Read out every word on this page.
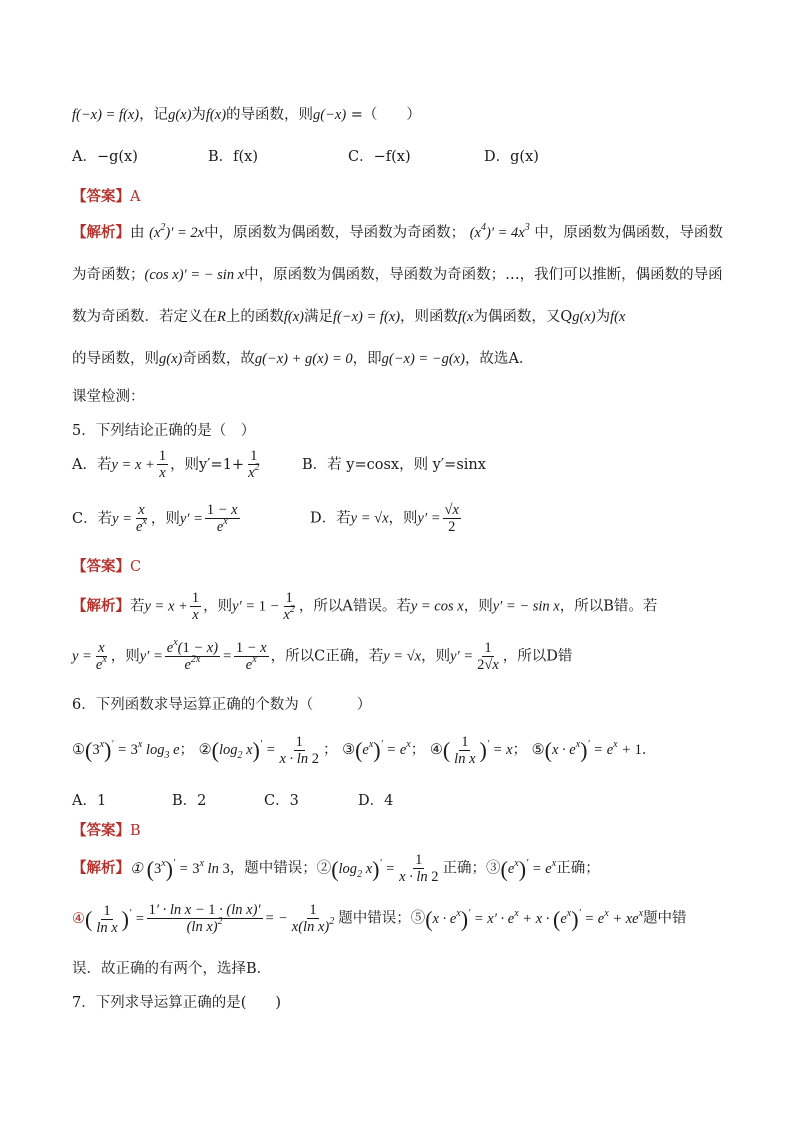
f(−x) = f(x)，记g(x)为f(x)的导函数，则g(−x) =（　　）
A．−g(x)	B．f(x)	C．−f(x)	D．g(x)
【答案】A
【解析】由 $(x^2)' = 2x$中，原函数为偶函数，导函数为奇函数； $(x^4)' = 4x^3$ 中，原函数为偶函数，导函数
为奇函数；(cos x)′ = − sin x中，原函数为偶函数，导函数为奇函数；…，我们可以推断，偶函数的导函
数为奇函数．若定义在R上的函数f(x)满足f(−x) = f(x)，则函数f(x为偶函数，又Qg(x)为f(x
的导函数，则g(x)奇函数，故g(−x) + g(x) = 0，即g(−x) = −g(x)，故选A．
课堂检测：
5．下列结论正确的是（　）
A．若$y = x + \frac{1}{x}$ ，则$y'=1+ \frac{1}{x^2}$	B．若 y=cosx，则 y′=sinx
C．若$y = \frac{x}{e^x}$ ，则$y' = \frac{1 - x}{e^x}$	D．若y = √x，则$y' = \frac{√x}{2}$
【答案】C
【解析】若$y = x + \frac{1}{x}$ ，则$y' = 1 - \frac{1}{x^2}$ ，所以A错误。若y = cos x，则y′ = − sin x，所以B错。若
$y = \frac{x}{e^x}$ ，则$y' = \frac{e^x(1 - x)}{e^{2x}} = \frac{1 - x}{e^x}$ ，所以C正确，若y = √x，则$y' = \frac{1}{2√x}$ ，所以D错
6．下列函数求导运算正确的个数为（　　　）
$①(3^x)' = 3^x$ $\log_3 e$； $②(\log_2$ $x)' = \frac{1}{x \cdot \ln 2}$ ； $③(e^x)' = e^x$； ④( $\frac{1}{\text{ln x}} )' = x$； ⑤(x · $e^x)' = e^x + 1$．
A．1	B．2	C．3	D．4
【答案】B
【解析】① $(3^x)' = 3^x$ ln 3，题中错误；$②(\log_2$ $x)' = \frac{1}{x \cdot \ln 2}$ 正确；$③(e^x)' = e^x$正确；
④( $\frac{1}{\text{ln x}} )' = \frac{\text{1′ · ln x − 1 · (ln x)′}}{(\ln x)^2}$ = − $\frac{1}{x(\ln x)^2}$ 题中错误；⑤(x · $e^x)' = x' \cdot e^x + x \cdot (e^x)' = e^x + xe^x$题中错
误．故正确的有两个，选择B．
7．下列求导运算正确的是(　　)
